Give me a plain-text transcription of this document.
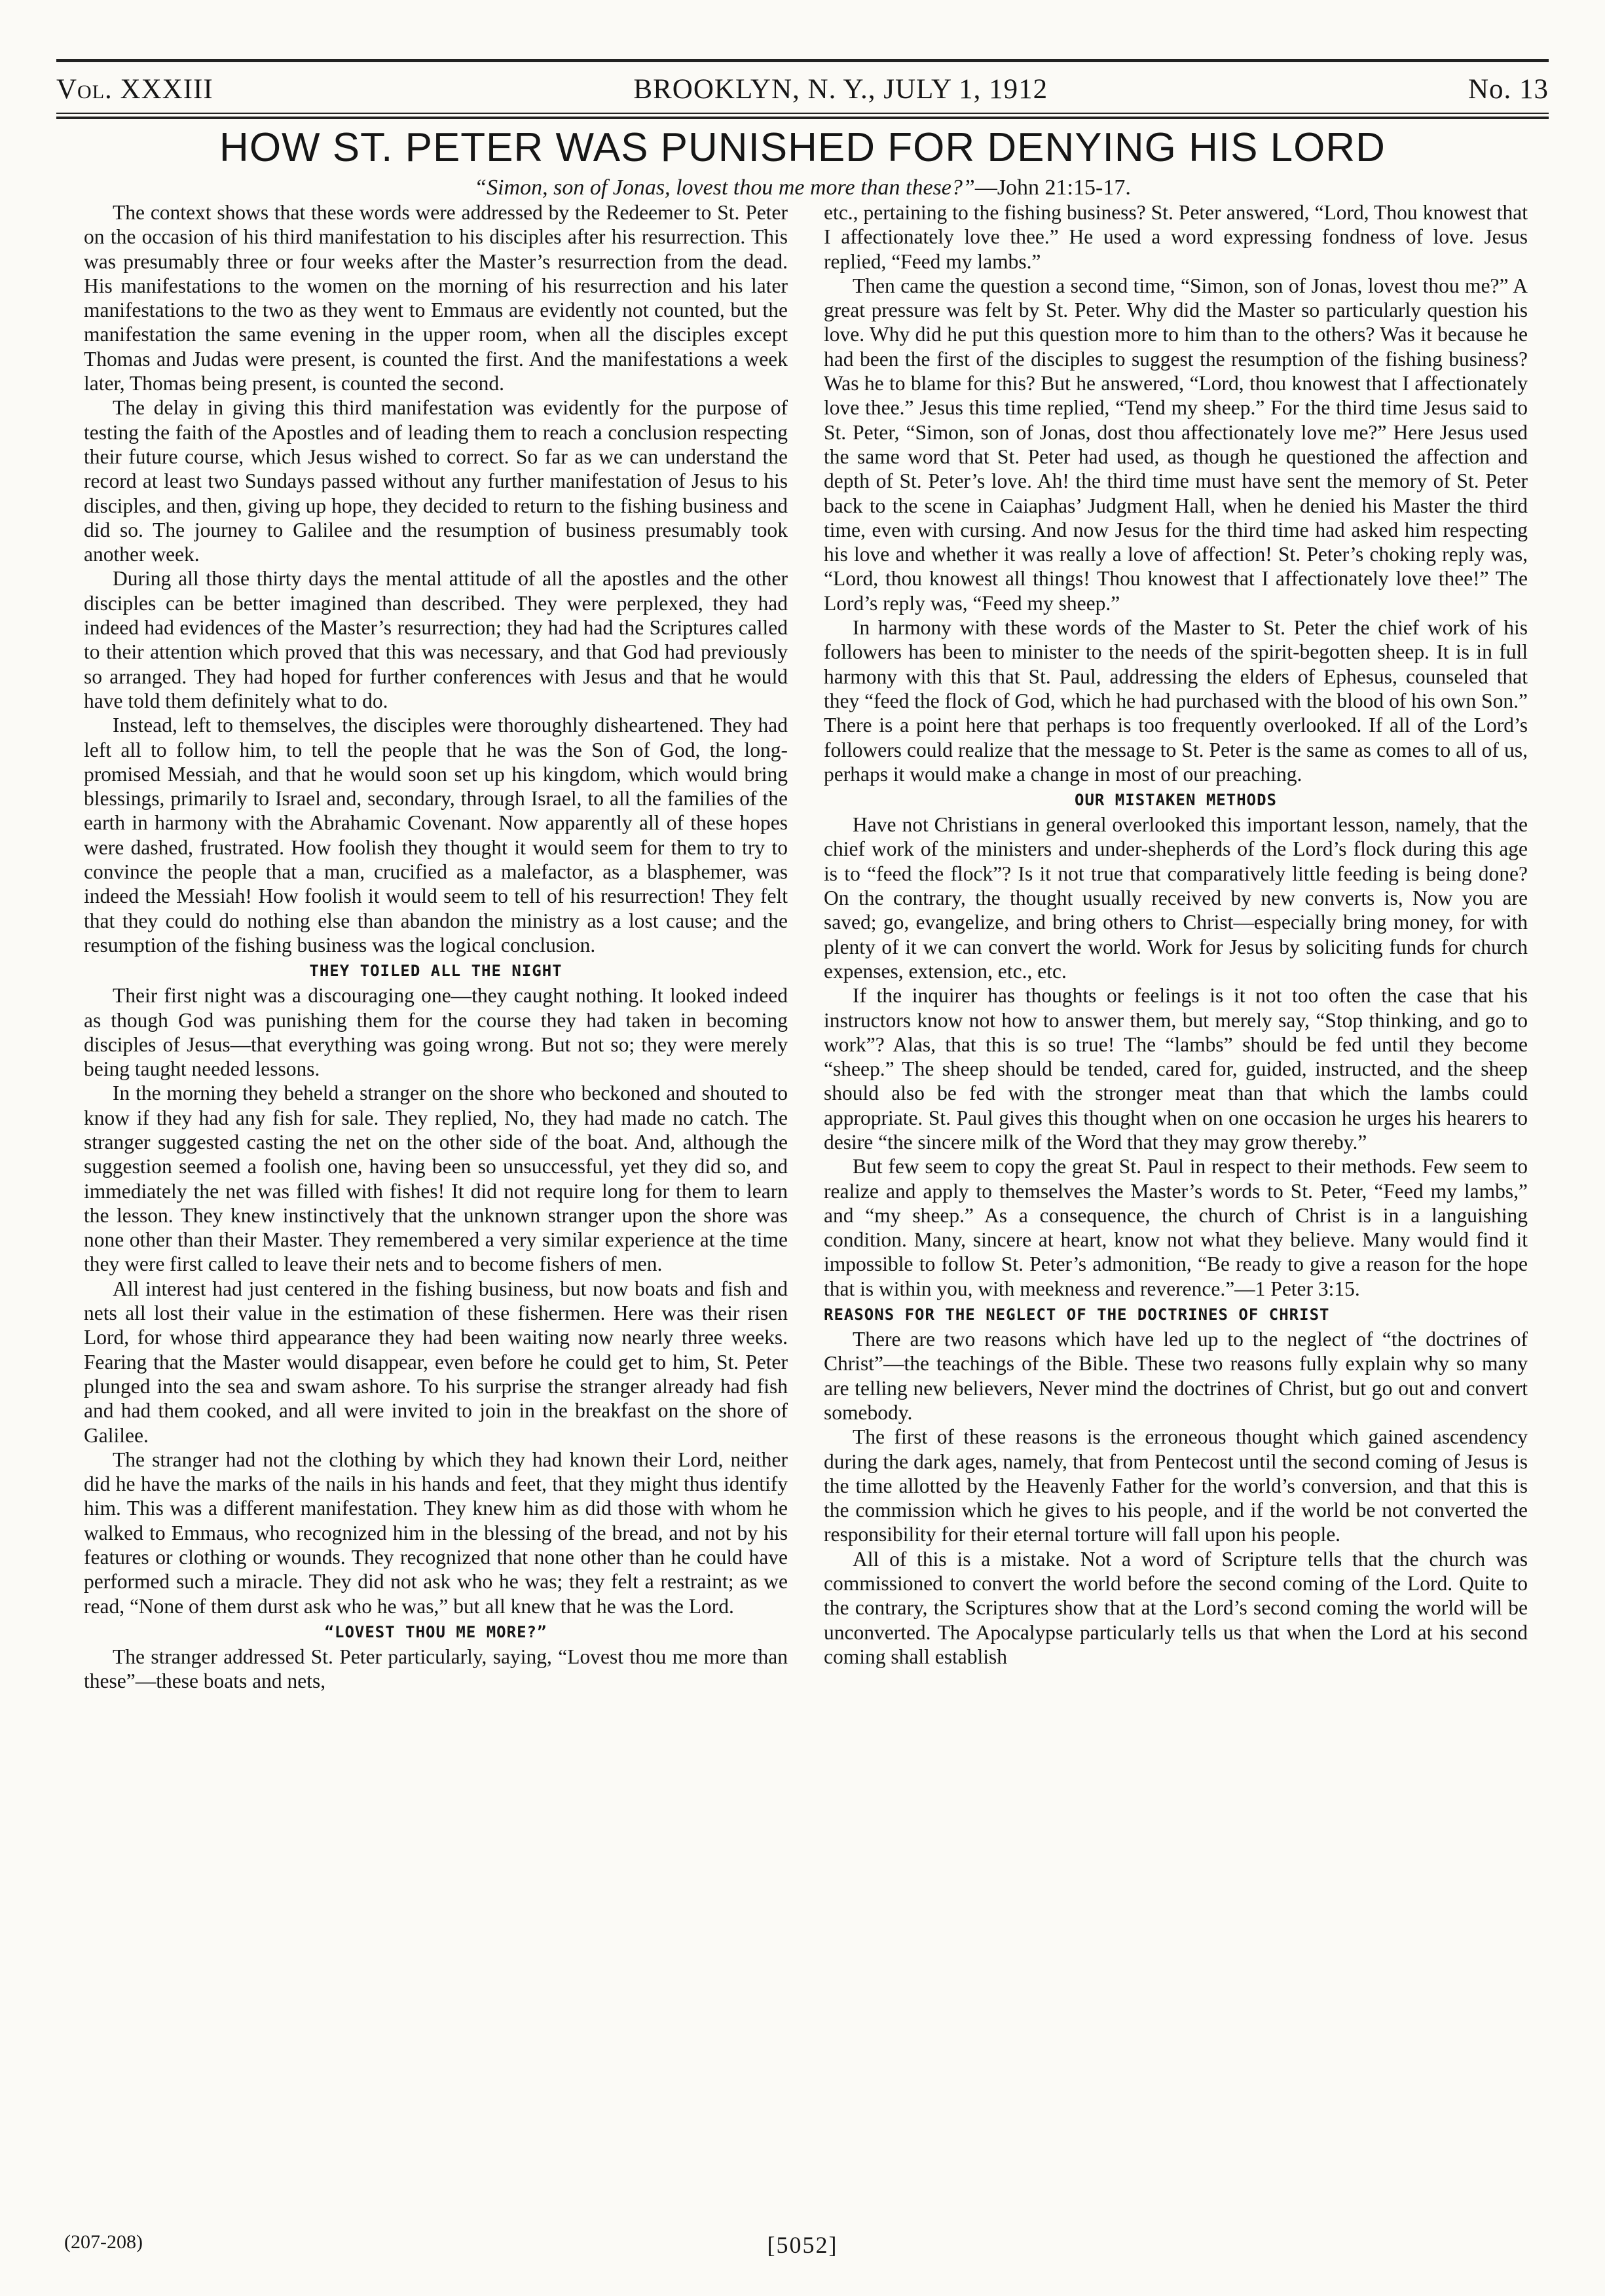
Vol. XXXIII	BROOKLYN, N. Y., JULY 1, 1912	No. 13
HOW ST. PETER WAS PUNISHED FOR DENYING HIS LORD
“Simon, son of Jonas, lovest thou me more than these?”—John 21:15-17.

The context shows that these words were addressed by the Redeemer to St. Peter on the occasion of his third manifestation to his disciples after his resurrection. This was presumably three or four weeks after the Master’s resurrection from the dead. His manifestations to the women on the morning of his resurrection and his later manifestations to the two as they went to Emmaus are evidently not counted, but the manifestation the same evening in the upper room, when all the disciples except Thomas and Judas were present, is counted the first. And the manifestations a week later, Thomas being present, is counted the second.

The delay in giving this third manifestation was evidently for the purpose of testing the faith of the Apostles and of leading them to reach a conclusion respecting their future course, which Jesus wished to correct. So far as we can understand the record at least two Sundays passed without any further manifestation of Jesus to his disciples, and then, giving up hope, they decided to return to the fishing business and did so. The journey to Galilee and the resumption of business presumably took another week.

During all those thirty days the mental attitude of all the apostles and the other disciples can be better imagined than described. They were perplexed, they had indeed had evidences of the Master’s resurrection; they had had the Scriptures called to their attention which proved that this was necessary, and that God had previously so arranged. They had hoped for further conferences with Jesus and that he would have told them definitely what to do.

Instead, left to themselves, the disciples were thoroughly disheartened. They had left all to follow him, to tell the people that he was the Son of God, the long-promised Messiah, and that he would soon set up his kingdom, which would bring blessings, primarily to Israel and, secondary, through Israel, to all the families of the earth in harmony with the Abrahamic Covenant. Now apparently all of these hopes were dashed, frustrated. How foolish they thought it would seem for them to try to convince the people that a man, crucified as a malefactor, as a blasphemer, was indeed the Messiah! How foolish it would seem to tell of his resurrection! They felt that they could do nothing else than abandon the ministry as a lost cause; and the resumption of the fishing business was the logical conclusion.

THEY TOILED ALL THE NIGHT

Their first night was a discouraging one—they caught nothing. It looked indeed as though God was punishing them for the course they had taken in becoming disciples of Jesus—that everything was going wrong. But not so; they were merely being taught needed lessons.

In the morning they beheld a stranger on the shore who beckoned and shouted to know if they had any fish for sale. They replied, No, they had made no catch. The stranger suggested casting the net on the other side of the boat. And, although the suggestion seemed a foolish one, having been so unsuccessful, yet they did so, and immediately the net was filled with fishes! It did not require long for them to learn the lesson. They knew instinctively that the unknown stranger upon the shore was none other than their Master. They remembered a very similar experience at the time they were first called to leave their nets and to become fishers of men.

All interest had just centered in the fishing business, but now boats and fish and nets all lost their value in the estimation of these fishermen. Here was their risen Lord, for whose third appearance they had been waiting now nearly three weeks. Fearing that the Master would disappear, even before he could get to him, St. Peter plunged into the sea and swam ashore. To his surprise the stranger already had fish and had them cooked, and all were invited to join in the breakfast on the shore of Galilee.

The stranger had not the clothing by which they had known their Lord, neither did he have the marks of the nails in his hands and feet, that they might thus identify him. This was a different manifestation. They knew him as did those with whom he walked to Emmaus, who recognized him in the blessing of the bread, and not by his features or clothing or wounds. They recognized that none other than he could have performed such a miracle. They did not ask who he was; they felt a restraint; as we read, “None of them durst ask who he was,” but all knew that he was the Lord.

“LOVEST THOU ME MORE?”

The stranger addressed St. Peter particularly, saying, “Lovest thou me more than these”—these boats and nets,

etc., pertaining to the fishing business? St. Peter answered, “Lord, Thou knowest that I affectionately love thee.” He used a word expressing fondness of love. Jesus replied, “Feed my lambs.”

Then came the question a second time, “Simon, son of Jonas, lovest thou me?” A great pressure was felt by St. Peter. Why did the Master so particularly question his love. Why did he put this question more to him than to the others? Was it because he had been the first of the disciples to suggest the resumption of the fishing business? Was he to blame for this? But he answered, “Lord, thou knowest that I affectionately love thee.” Jesus this time replied, “Tend my sheep.” For the third time Jesus said to St. Peter, “Simon, son of Jonas, dost thou affectionately love me?” Here Jesus used the same word that St. Peter had used, as though he questioned the affection and depth of St. Peter’s love. Ah! the third time must have sent the memory of St. Peter back to the scene in Caiaphas’ Judgment Hall, when he denied his Master the third time, even with cursing. And now Jesus for the third time had asked him respecting his love and whether it was really a love of affection! St. Peter’s choking reply was, “Lord, thou knowest all things! Thou knowest that I affectionately love thee!” The Lord’s reply was, “Feed my sheep.”

In harmony with these words of the Master to St. Peter the chief work of his followers has been to minister to the needs of the spirit-begotten sheep. It is in full harmony with this that St. Paul, addressing the elders of Ephesus, counseled that they “feed the flock of God, which he had purchased with the blood of his own Son.” There is a point here that perhaps is too frequently overlooked. If all of the Lord’s followers could realize that the message to St. Peter is the same as comes to all of us, perhaps it would make a change in most of our preaching.

OUR MISTAKEN METHODS

Have not Christians in general overlooked this important lesson, namely, that the chief work of the ministers and under-shepherds of the Lord’s flock during this age is to “feed the flock”? Is it not true that comparatively little feeding is being done? On the contrary, the thought usually received by new converts is, Now you are saved; go, evangelize, and bring others to Christ—especially bring money, for with plenty of it we can convert the world. Work for Jesus by soliciting funds for church expenses, extension, etc., etc.

If the inquirer has thoughts or feelings is it not too often the case that his instructors know not how to answer them, but merely say, “Stop thinking, and go to work”? Alas, that this is so true! The “lambs” should be fed until they become “sheep.” The sheep should be tended, cared for, guided, instructed, and the sheep should also be fed with the stronger meat than that which the lambs could appropriate. St. Paul gives this thought when on one occasion he urges his hearers to desire “the sincere milk of the Word that they may grow thereby.”

But few seem to copy the great St. Paul in respect to their methods. Few seem to realize and apply to themselves the Master’s words to St. Peter, “Feed my lambs,” and “my sheep.” As a consequence, the church of Christ is in a languishing condition. Many, sincere at heart, know not what they believe. Many would find it impossible to follow St. Peter’s admonition, “Be ready to give a reason for the hope that is within you, with meekness and reverence.”—1 Peter 3:15.

REASONS FOR THE NEGLECT OF THE DOCTRINES OF CHRIST

There are two reasons which have led up to the neglect of “the doctrines of Christ”—the teachings of the Bible. These two reasons fully explain why so many are telling new believers, Never mind the doctrines of Christ, but go out and convert somebody.

The first of these reasons is the erroneous thought which gained ascendency during the dark ages, namely, that from Pentecost until the second coming of Jesus is the time allotted by the Heavenly Father for the world’s conversion, and that this is the commission which he gives to his people, and if the world be not converted the responsibility for their eternal torture will fall upon his people.

All of this is a mistake. Not a word of Scripture tells that the church was commissioned to convert the world before the second coming of the Lord. Quite to the contrary, the Scriptures show that at the Lord’s second coming the world will be unconverted. The Apocalypse particularly tells us that when the Lord at his second coming shall establish

(207-208)	[5052]
